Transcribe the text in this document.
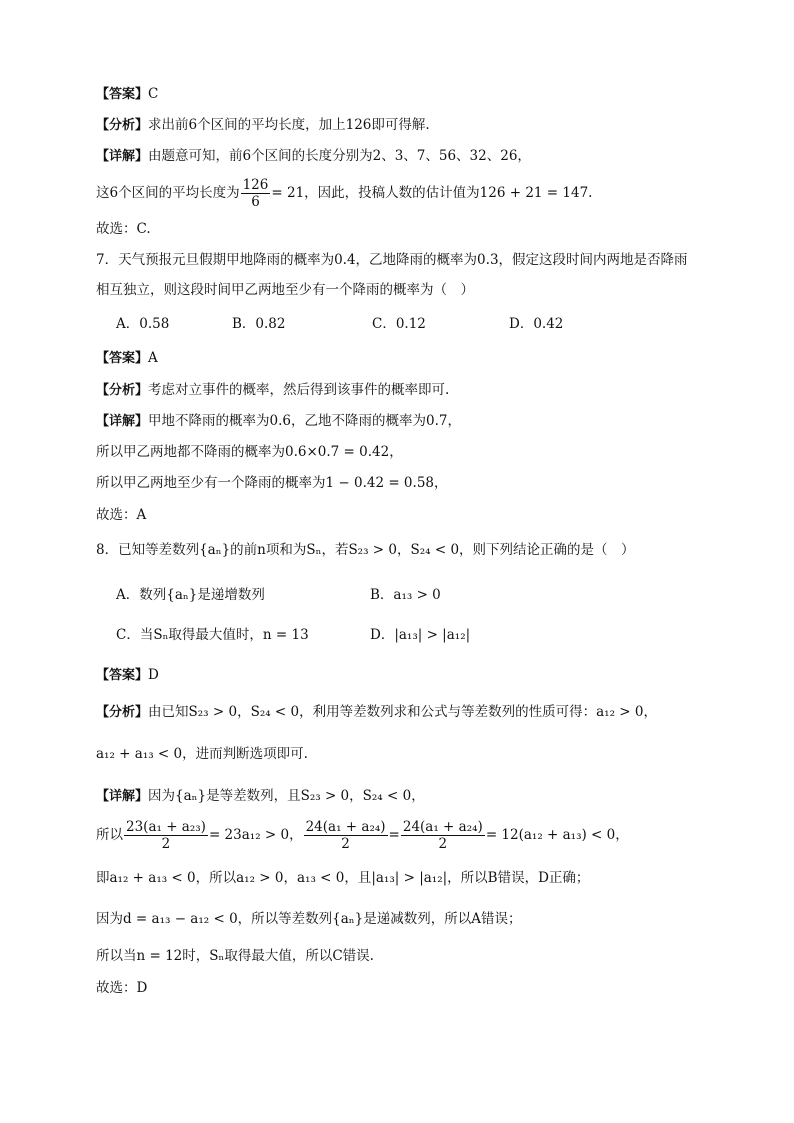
【答案】C
【分析】求出前6个区间的平均长度，加上126即可得解.
【详解】由题意可知，前6个区间的长度分别为2、3、7、56、32、26，
这6个区间的平均长度为 $\frac{126}{6} = 21$，因此，投稿人数的估计值为126 + 21 = 147.
故选：C.
7．天气预报元旦假期甲地降雨的概率为0.4，乙地降雨的概率为0.3，假定这段时间内两地是否降雨
相互独立，则这段时间甲乙两地至少有一个降雨的概率为（　）
A．0.58	B．0.82	C．0.12	D．0.42
【答案】A
【分析】考虑对立事件的概率，然后得到该事件的概率即可.
【详解】甲地不降雨的概率为0.6，乙地不降雨的概率为0.7，
所以甲乙两地都不降雨的概率为0.6×0.7 = 0.42，
所以甲乙两地至少有一个降雨的概率为1 − 0.42 = 0.58，
故选：A
8．已知等差数列{aₙ}的前n项和为Sₙ，若S₂₃ > 0，S₂₄ < 0，则下列结论正确的是（　）
A．数列{aₙ}是递增数列	B．a₁₃ > 0
C．当Sₙ取得最大值时，n = 13	D．|a₁₃| > |a₁₂|
【答案】D
【分析】由已知S₂₃ > 0，S₂₄ < 0，利用等差数列求和公式与等差数列的性质可得：a₁₂ > 0，
a₁₂ + a₁₃ < 0，进而判断选项即可.
【详解】因为{aₙ}是等差数列，且S₂₃ > 0，S₂₄ < 0，
所以 $\frac{\text{23(a₁ + a₂₃)}}{2} = 23a_{12} > 0$， $\frac{\text{24(a₁ + a₂₄)}}{2} = \frac{\text{24(a₁ + a₂₄)}}{2} = 12(a_{12} + a_{13}) < 0$，
即a₁₂ + a₁₃ < 0，所以a₁₂ > 0，a₁₃ < 0，且|a₁₃| > |a₁₂|，所以B错误，D正确；
因为d = a₁₃ − a₁₂ < 0，所以等差数列{aₙ}是递减数列，所以A错误；
所以当n = 12时，Sₙ取得最大值，所以C错误.
故选：D
